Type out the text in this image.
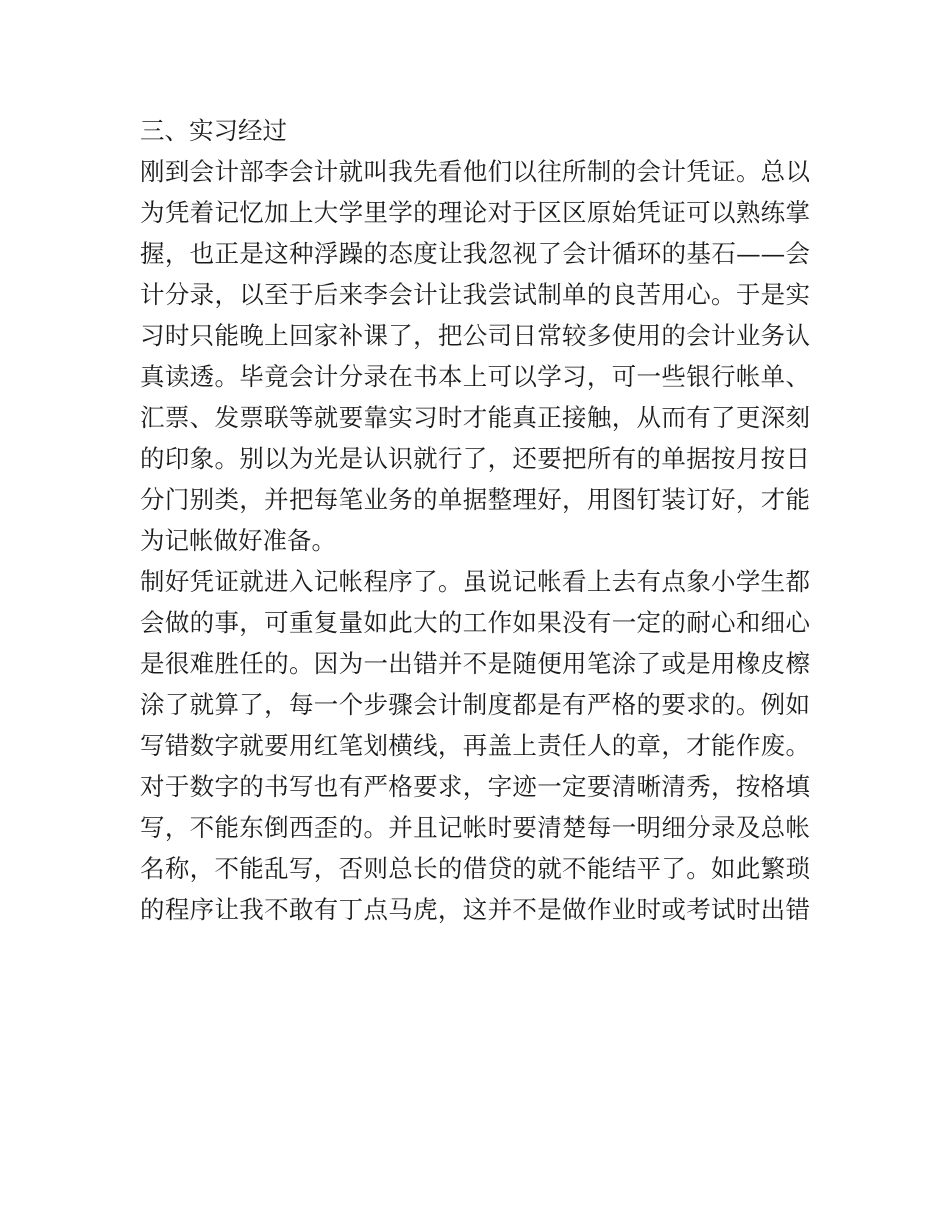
三、实习经过
刚到会计部李会计就叫我先看他们以往所制的会计凭证。总以
为凭着记忆加上大学里学的理论对于区区原始凭证可以熟练掌
握，也正是这种浮躁的态度让我忽视了会计循环的基石——会
计分录，以至于后来李会计让我尝试制单的良苦用心。于是实
习时只能晚上回家补课了，把公司日常较多使用的会计业务认
真读透。毕竟会计分录在书本上可以学习，可一些银行帐单、
汇票、发票联等就要靠实习时才能真正接触，从而有了更深刻
的印象。别以为光是认识就行了，还要把所有的单据按月按日
分门别类，并把每笔业务的单据整理好，用图钉装订好，才能
为记帐做好准备。
制好凭证就进入记帐程序了。虽说记帐看上去有点象小学生都
会做的事，可重复量如此大的工作如果没有一定的耐心和细心
是很难胜任的。因为一出错并不是随便用笔涂了或是用橡皮檫
涂了就算了，每一个步骤会计制度都是有严格的要求的。例如
写错数字就要用红笔划横线，再盖上责任人的章，才能作废。
对于数字的书写也有严格要求，字迹一定要清晰清秀，按格填
写，不能东倒西歪的。并且记帐时要清楚每一明细分录及总帐
名称，不能乱写，否则总长的借贷的就不能结平了。如此繁琐
的程序让我不敢有丁点马虎，这并不是做作业时或考试时出错
